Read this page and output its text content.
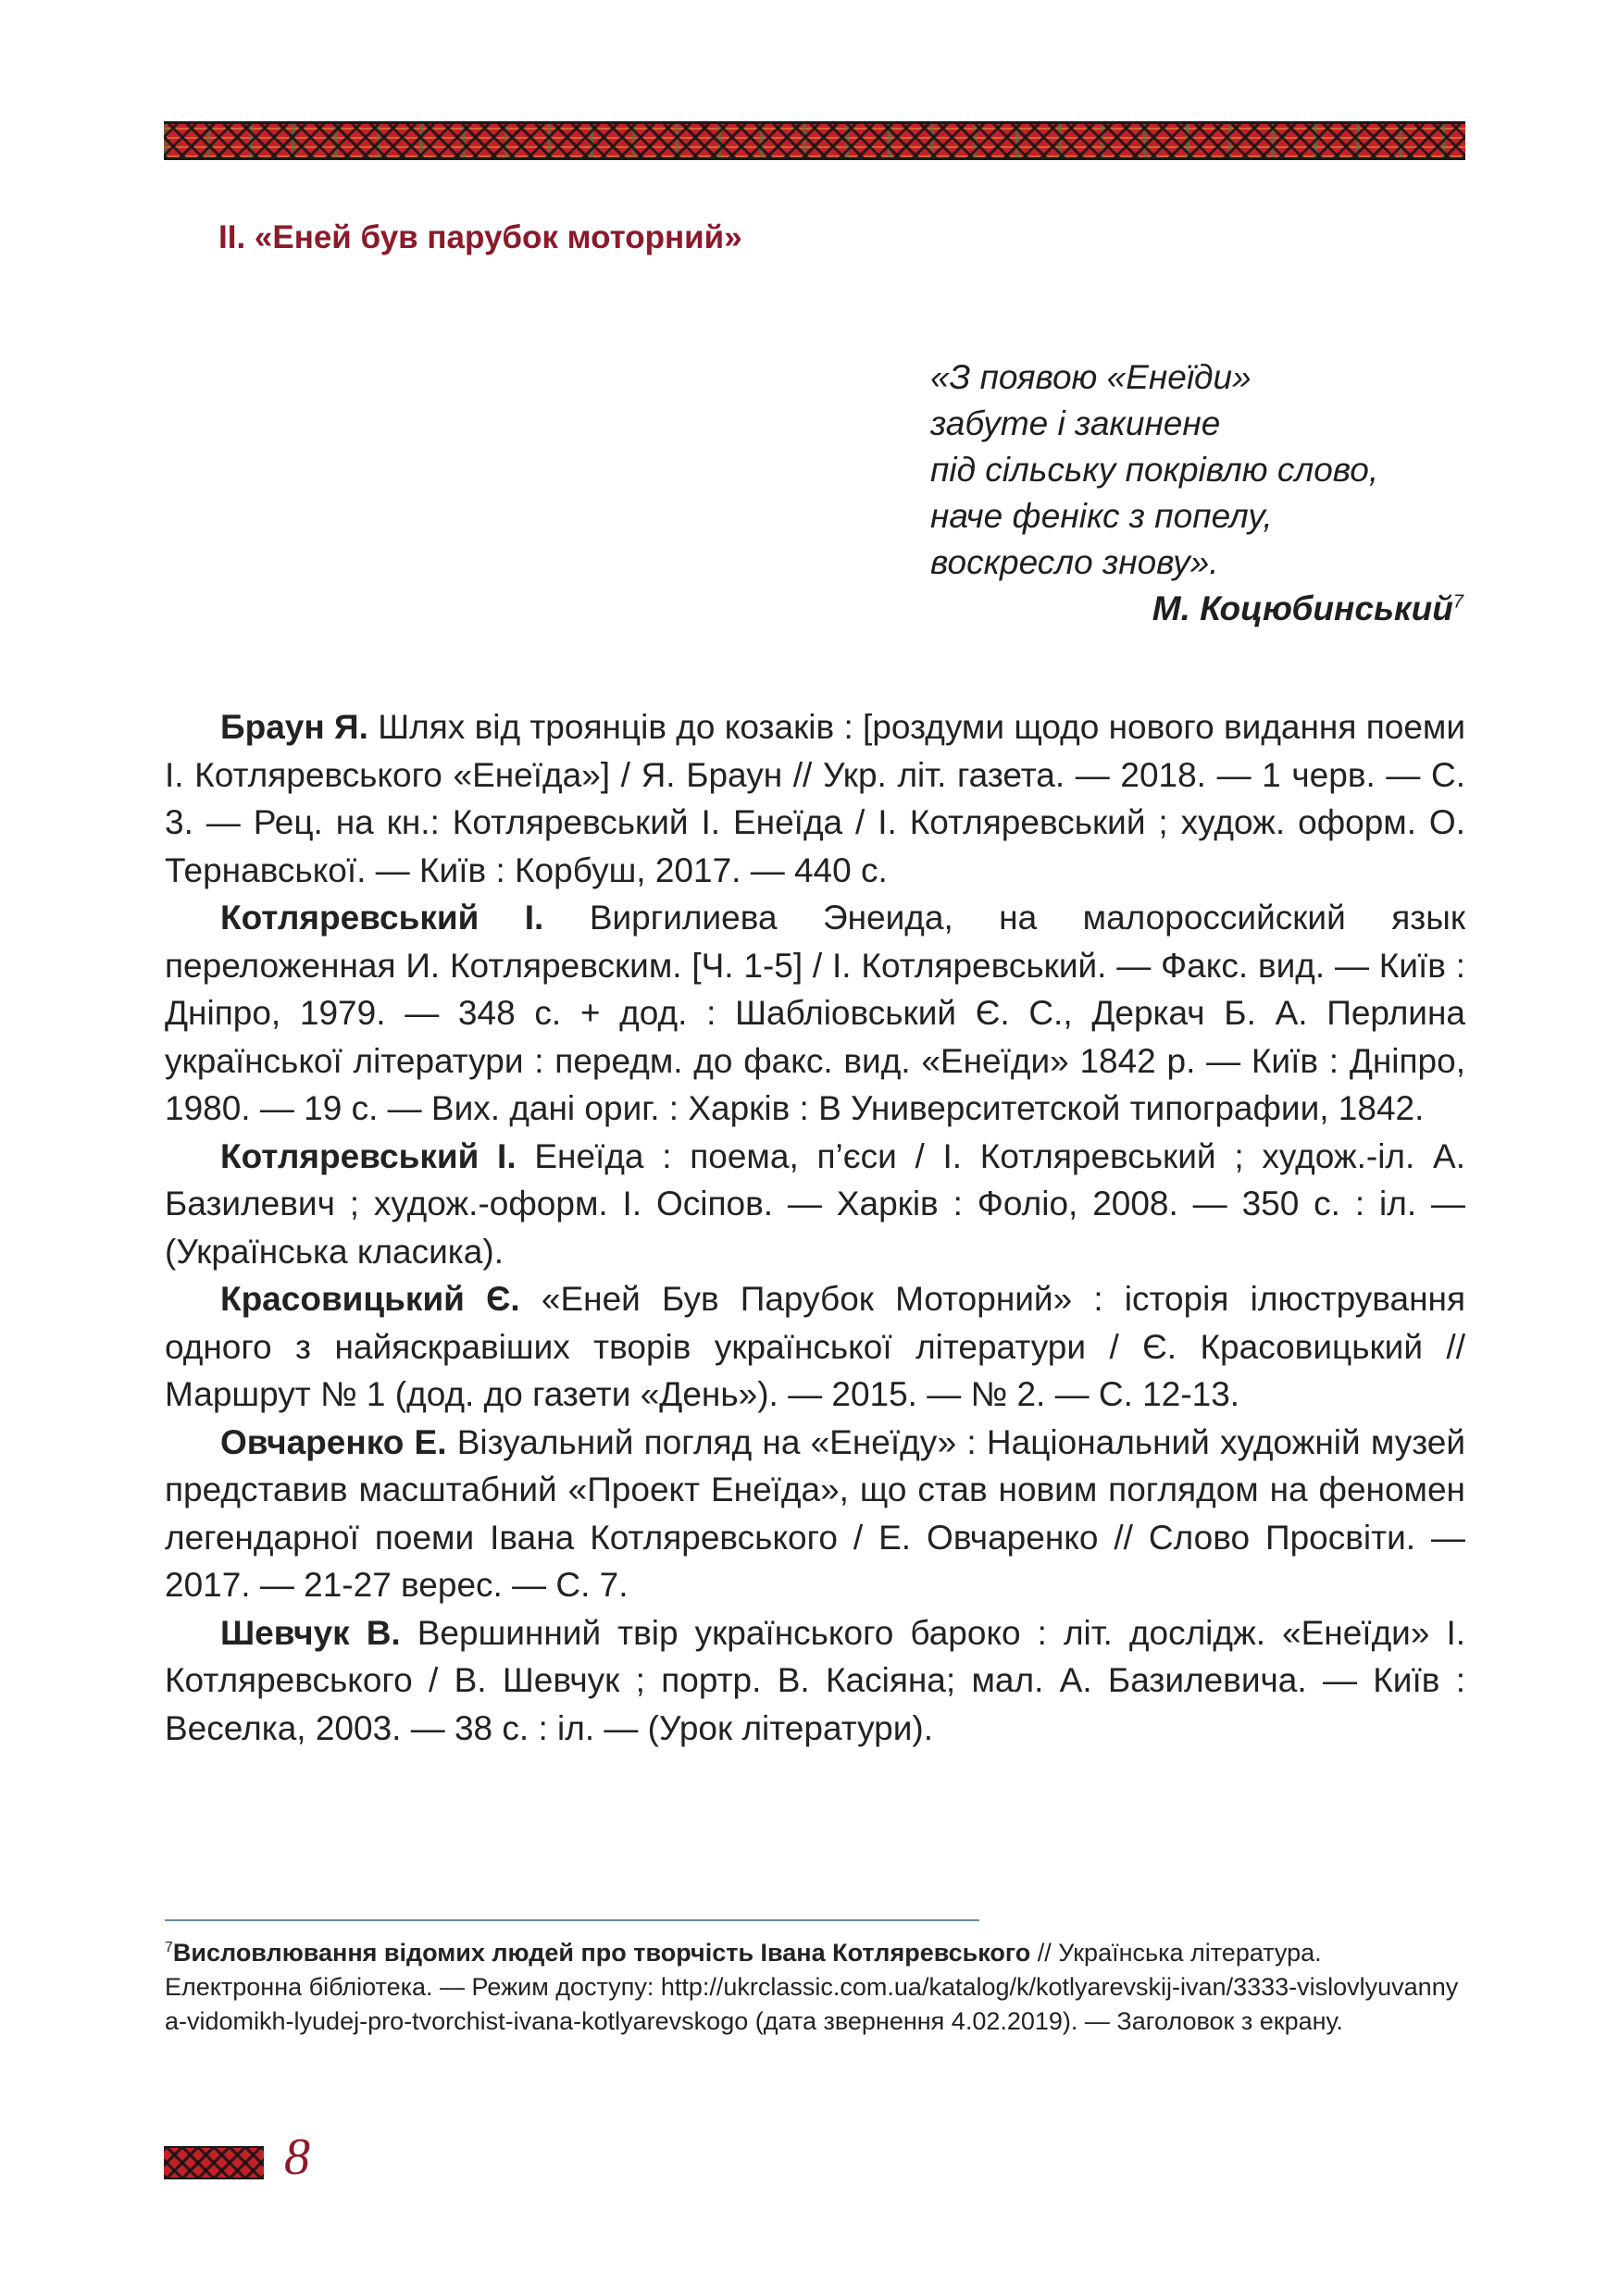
ІІ. «Еней був парубок моторний»
«З появою «Енеїди»
забуте і закинене
під сільську покрівлю слово,
наче фенікс з попелу,
воскресло знову».
М. Коцюбинський$^7$

Браун Я. Шлях від троянців до козаків : [роздуми щодо нового видання поеми І. Котляревського «Енеїда»] / Я. Браун // Укр. літ. газета. — 2018. — 1 черв. — С. 3. — Рец. на кн.: Котляревський І. Енеїда / І. Котляревський ; худож. оформ. О. Тернавської. — Київ : Корбуш, 2017. — 440 с.

Котляревський І. Виргилиева Энеида, на малороссийский язык переложенная И. Котляревским. [Ч. 1-5] / І. Котляревський. — Факс. вид. — Київ : Дніпро, 1979. — 348 с. + дод. : Шабліовський Є. С., Деркач Б. А. Перлина української літератури : передм. до факс. вид. «Енеїди» 1842 р. — Київ : Дніпро, 1980. — 19 с. — Вих. дані ориг. : Харків : В Университетской типографии, 1842.

Котляревський І. Енеїда : поема, п’єси / І. Котляревський ; худож.-іл. А. Базилевич ; худож.-оформ. І. Осіпов. — Харків : Фоліо, 2008. — 350 с. : іл. — (Українська класика).

Красовицький Є. «Еней Був Парубок Моторний» : історія ілюстрування одного з найяскравіших творів української літератури / Є. Красовицький // Маршрут № 1 (дод. до газети «День»). — 2015. — № 2. — С. 12-13.

Овчаренко Е. Візуальний погляд на «Енеїду» : Національний художній музей представив масштабний «Проект Енеїда», що став новим поглядом на феномен легендарної поеми Івана Котляревського / Е. Овчаренко // Слово Просвіти. — 2017. — 21-27 верес. — С. 7.

Шевчук В. Вершинний твір українського бароко : літ. дослідж. «Енеїди» І. Котляревського / В. Шевчук ; портр. В. Касіяна; мал. А. Базилевича. — Київ : Веселка, 2003. — 38 с. : іл. — (Урок літератури).

$^7$Висловлювання відомих людей про творчість Івана Котляревського // Українська література. Електронна бібліотека. — Режим доступу: http://ukrclassic.com.ua/katalog/k/kotlyarevskij-ivan/3333-vislovlyuvannya-vidomikh-lyudej-pro-tvorchist-ivana-kotlyarevskogo (дата звернення 4.02.2019). — Заголовок з екрану.
8
